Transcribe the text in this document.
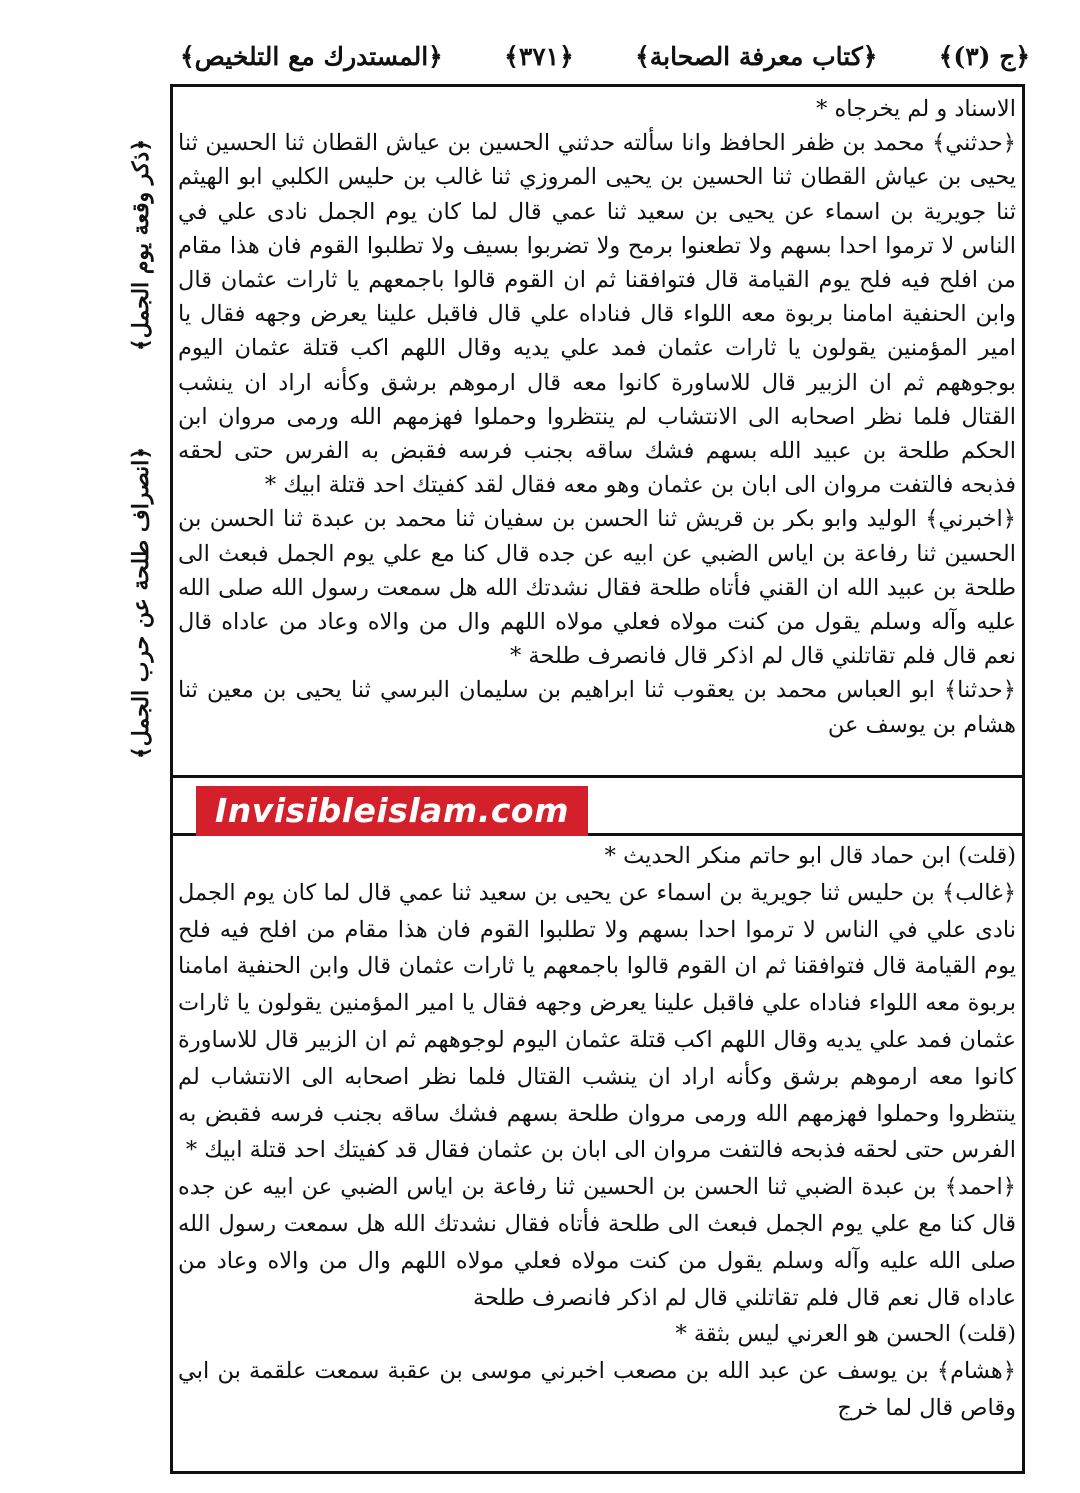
﴿المستدرك مع التلخيص﴾ ﴿٣٧١﴾ ﴿كتاب معرفة الصحابة﴾ ﴿ج (٣)﴾
﴿ذكر وقعة يوم الجمل﴾
﴿انصراف طلحة عن حرب الجمل﴾

الاسناد و لم يخرجاه *

﴿حدثني﴾ محمد بن ظفر الحافظ وانا سألته حدثني الحسين بن عياش القطان ثنا الحسين ثنا يحيى بن عياش القطان ثنا الحسين بن يحيى المروزي ثنا غالب بن حليس الكلبي ابو الهيثم ثنا جويرية بن اسماء عن يحيى بن سعيد ثنا عمي قال لما كان يوم الجمل نادى علي في الناس لا ترموا احدا بسهم ولا تطعنوا برمح ولا تضربوا بسيف ولا تطلبوا القوم فان هذا مقام من افلح فيه فلح يوم القيامة قال فتوافقنا ثم ان القوم قالوا باجمعهم يا ثارات عثمان قال وابن الحنفية امامنا بربوة معه اللواء قال فناداه علي قال فاقبل علينا يعرض وجهه فقال يا امير المؤمنين يقولون يا ثارات عثمان فمد علي يديه وقال اللهم اكب قتلة عثمان اليوم بوجوههم ثم ان الزبير قال للاساورة كانوا معه قال ارموهم برشق وكأنه اراد ان ينشب القتال فلما نظر اصحابه الى الانتشاب لم ينتظروا وحملوا فهزمهم الله ورمى مروان ابن الحكم طلحة بن عبيد الله بسهم فشك ساقه بجنب فرسه فقبض به الفرس حتى لحقه فذبحه فالتفت مروان الى ابان بن عثمان وهو معه فقال لقد كفيتك احد قتلة ابيك *

﴿اخبرني﴾ الوليد وابو بكر بن قريش ثنا الحسن بن سفيان ثنا محمد بن عبدة ثنا الحسن بن الحسين ثنا رفاعة بن اياس الضبي عن ابيه عن جده قال كنا مع علي يوم الجمل فبعث الى طلحة بن عبيد الله ان القني فأتاه طلحة فقال نشدتك الله هل سمعت رسول الله صلى الله عليه وآله وسلم يقول من كنت مولاه فعلي مولاه اللهم وال من والاه وعاد من عاداه قال نعم قال فلم تقاتلني قال لم اذكر قال فانصرف طلحة *

﴿حدثنا﴾ ابو العباس محمد بن يعقوب ثنا ابراهيم بن سليمان البرسي ثنا يحيى بن معين ثنا هشام بن يوسف عن

Invisibleislam.com

(قلت) ابن حماد قال ابو حاتم منكر الحديث *

﴿غالب﴾ بن حليس ثنا جويرية بن اسماء عن يحيى بن سعيد ثنا عمي قال لما كان يوم الجمل نادى علي في الناس لا ترموا احدا بسهم ولا تطلبوا القوم فان هذا مقام من افلح فيه فلح يوم القيامة قال فتوافقنا ثم ان القوم قالوا باجمعهم يا ثارات عثمان قال وابن الحنفية امامنا بربوة معه اللواء فناداه علي فاقبل علينا يعرض وجهه فقال يا امير المؤمنين يقولون يا ثارات عثمان فمد علي يديه وقال اللهم اكب قتلة عثمان اليوم لوجوههم ثم ان الزبير قال للاساورة كانوا معه ارموهم برشق وكأنه اراد ان ينشب القتال فلما نظر اصحابه الى الانتشاب لم ينتظروا وحملوا فهزمهم الله ورمى مروان طلحة بسهم فشك ساقه بجنب فرسه فقبض به الفرس حتى لحقه فذبحه فالتفت مروان الى ابان بن عثمان فقال قد كفيتك احد قتلة ابيك *

﴿احمد﴾ بن عبدة الضبي ثنا الحسن بن الحسين ثنا رفاعة بن اياس الضبي عن ابيه عن جده قال كنا مع علي يوم الجمل فبعث الى طلحة فأتاه فقال نشدتك الله هل سمعت رسول الله صلى الله عليه وآله وسلم يقول من كنت مولاه فعلي مولاه اللهم وال من والاه وعاد من عاداه قال نعم قال فلم تقاتلني قال لم اذكر فانصرف طلحة

(قلت) الحسن هو العرني ليس بثقة *

﴿هشام﴾ بن يوسف عن عبد الله بن مصعب اخبرني موسى بن عقبة سمعت علقمة بن ابي وقاص قال لما خرج
